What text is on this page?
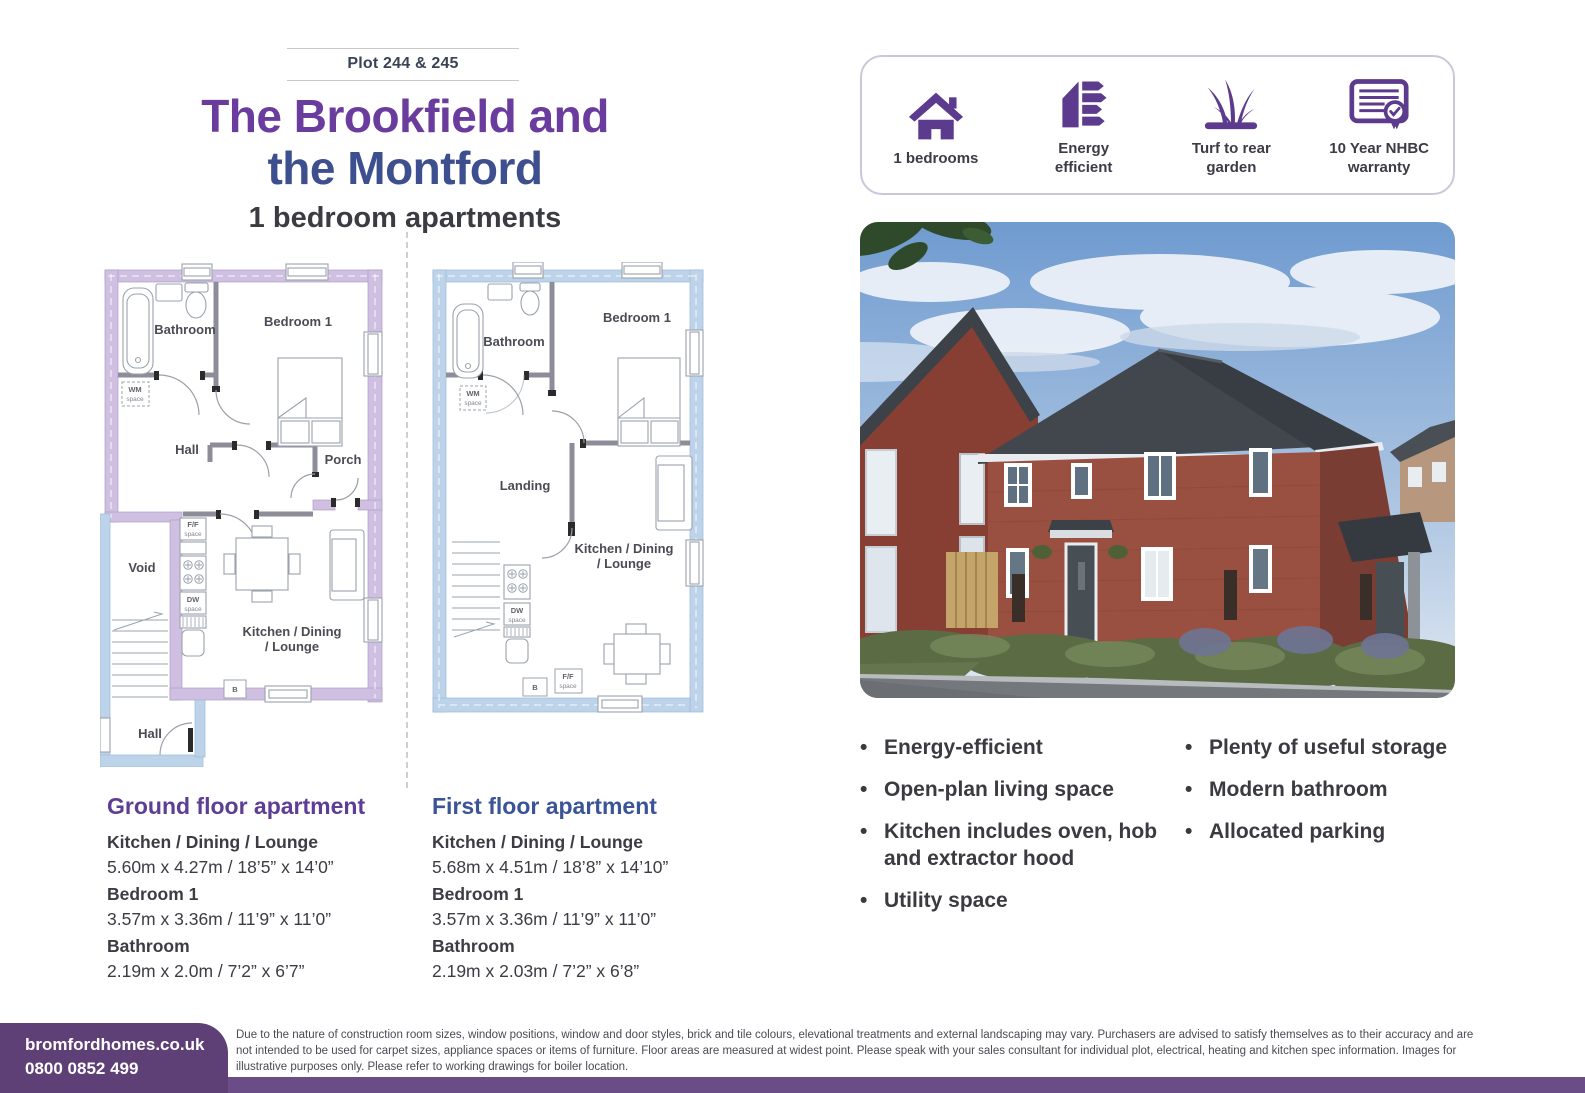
Plot 244 & 245
The Brookfield and
the Montford
1 bedroom apartments
Bathroom
Bedroom 1
Hall
Porch
Void
Kitchen / Dining
/ Lounge
Hall
WM
space
F/F
space
DW
space
B
Bathroom
Bedroom 1
Landing
Kitchen / Dining
/ Lounge
WM
space
F/F
space
DW
space
B
Ground floor apartment
Kitchen / Dining / Lounge
5.60m x 4.27m / 18’5” x 14’0”
Bedroom 1
3.57m x 3.36m / 11’9” x 11’0”
Bathroom
2.19m x 2.0m / 7’2” x 6’7”
First floor apartment
Kitchen / Dining / Lounge
5.68m x 4.51m / 18’8” x 14’10”
Bedroom 1
3.57m x 3.36m / 11’9” x 11’0”
Bathroom
2.19m x 2.03m / 7’2” x 6’8”
1 bedrooms
Energy
efficient
Turf to rear
garden
10 Year NHBC
warranty
• Energy-efficient
• Open-plan living space
• Kitchen includes oven, hob and extractor hood
• Utility space
• Plenty of useful storage
• Modern bathroom
• Allocated parking
bromfordhomes.co.uk
0800 0852 499
Due to the nature of construction room sizes, window positions, window and door styles, brick and tile colours, elevational treatments and external landscaping may vary. Purchasers are advised to satisfy themselves as to their accuracy and are not intended to be used for carpet sizes, appliance spaces or items of furniture. Floor areas are measured at widest point. Please speak with your sales consultant for individual plot, electrical, heating and kitchen spec information. Images for illustrative purposes only. Please refer to working drawings for boiler location.
